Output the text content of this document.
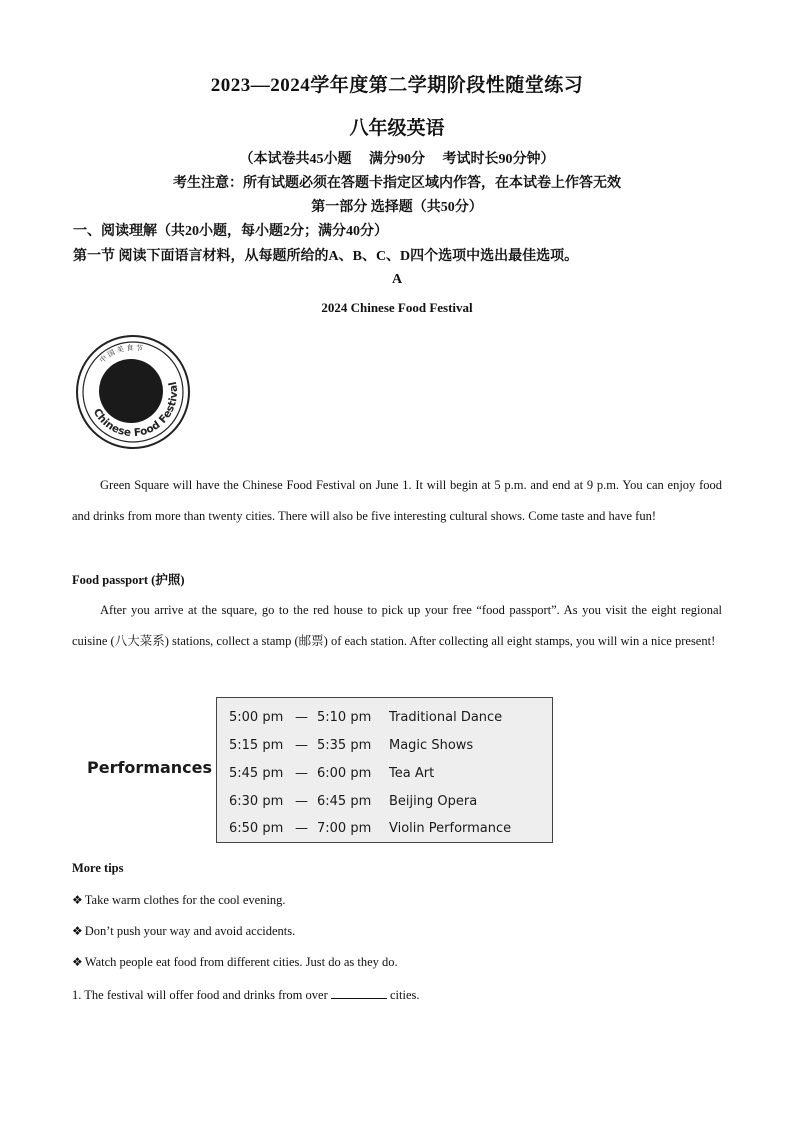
2023—2024学年度第二学期阶段性随堂练习
八年级英语
（本试卷共45小题　 满分90分　 考试时长90分钟）
考生注意：所有试题必须在答题卡指定区域内作答，在本试卷上作答无效
第一部分 选择题（共50分）
一、阅读理解（共20小题，每小题2分；满分40分）
第一节 阅读下面语言材料，从每题所给的A、B、C、D四个选项中选出最佳选项。
A
2024 Chinese Food Festival
Chinese Food Festival
中 国 美 食 节
Green Square will have the Chinese Food Festival on June 1. It will begin at 5 p.m. and end at 9 p.m. You can enjoy food and drinks from more than twenty cities. There will also be five interesting cultural shows. Come taste and have fun!
Food passport (护照)
After you arrive at the square, go to the red house to pick up your free “food passport”. As you visit the eight regional cuisine (八大菜系) stations, collect a stamp (邮票) of each station. After collecting all eight stamps, you will win a nice present!
Performances
5:00 pm — 5:10 pm Traditional Dance
5:15 pm — 5:35 pm Magic Shows
5:45 pm — 6:00 pm Tea Art
6:30 pm — 6:45 pm Beijing Opera
6:50 pm — 7:00 pm Violin Performance
More tips
❖ Take warm clothes for the cool evening.
❖ Don’t push your way and avoid accidents.
❖ Watch people eat food from different cities. Just do as they do.
1. The festival will offer food and drinks from over	cities.
